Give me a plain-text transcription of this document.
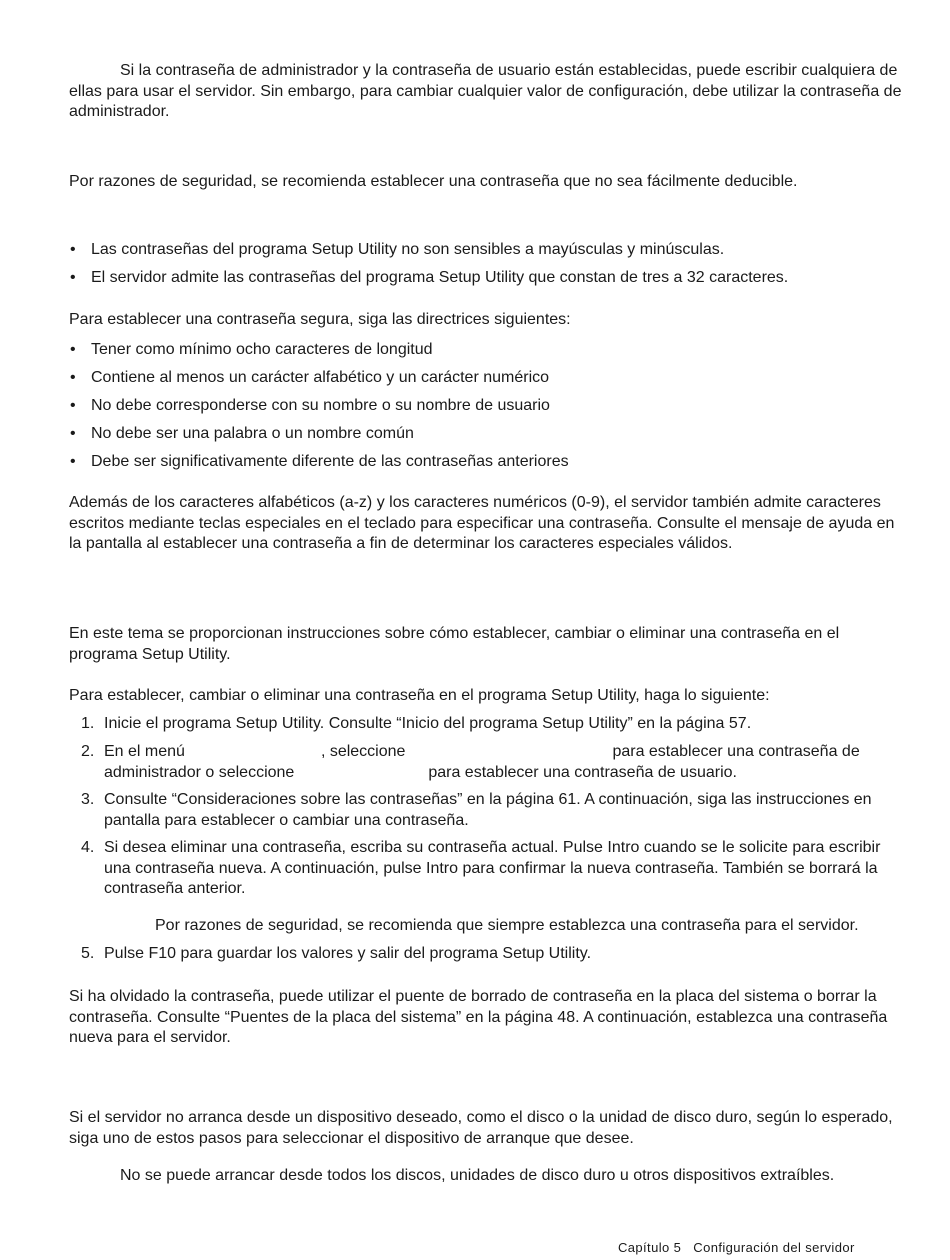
Si la contraseña de administrador y la contraseña de usuario están establecidas, puede escribir cualquiera de ellas para usar el servidor. Sin embargo, para cambiar cualquier valor de configuración, debe utilizar la contraseña de administrador.

Por razones de seguridad, se recomienda establecer una contraseña que no sea fácilmente deducible.

• Las contraseñas del programa Setup Utility no son sensibles a mayúsculas y minúsculas.
• El servidor admite las contraseñas del programa Setup Utility que constan de tres a 32 caracteres.

Para establecer una contraseña segura, siga las directrices siguientes:

• Tener como mínimo ocho caracteres de longitud
• Contiene al menos un carácter alfabético y un carácter numérico
• No debe corresponderse con su nombre o su nombre de usuario
• No debe ser una palabra o un nombre común
• Debe ser significativamente diferente de las contraseñas anteriores

Además de los caracteres alfabéticos (a-z) y los caracteres numéricos (0-9), el servidor también admite caracteres escritos mediante teclas especiales en el teclado para especificar una contraseña. Consulte el mensaje de ayuda en la pantalla al establecer una contraseña a fin de determinar los caracteres especiales válidos.

En este tema se proporcionan instrucciones sobre cómo establecer, cambiar o eliminar una contraseña en el programa Setup Utility.

Para establecer, cambiar o eliminar una contraseña en el programa Setup Utility, haga lo siguiente:

1. Inicie el programa Setup Utility. Consulte “Inicio del programa Setup Utility” en la página 57.
2. En el menú	, seleccione	para establecer una contraseña de
administrador o seleccione	para establecer una contraseña de usuario.
3. Consulte “Consideraciones sobre las contraseñas” en la página 61. A continuación, siga las instrucciones en pantalla para establecer o cambiar una contraseña.
4. Si desea eliminar una contraseña, escriba su contraseña actual. Pulse Intro cuando se le solicite para escribir una contraseña nueva. A continuación, pulse Intro para confirmar la nueva contraseña. También se borrará la contraseña anterior.
Por razones de seguridad, se recomienda que siempre establezca una contraseña para el servidor.
5. Pulse F10 para guardar los valores y salir del programa Setup Utility.

Si ha olvidado la contraseña, puede utilizar el puente de borrado de contraseña en la placa del sistema o borrar la contraseña. Consulte “Puentes de la placa del sistema” en la página 48. A continuación, establezca una contraseña nueva para el servidor.

Si el servidor no arranca desde un dispositivo deseado, como el disco o la unidad de disco duro, según lo esperado, siga uno de estos pasos para seleccionar el dispositivo de arranque que desee.

No se puede arrancar desde todos los discos, unidades de disco duro u otros dispositivos extraíbles.

Capítulo 5 Configuración del servidor
